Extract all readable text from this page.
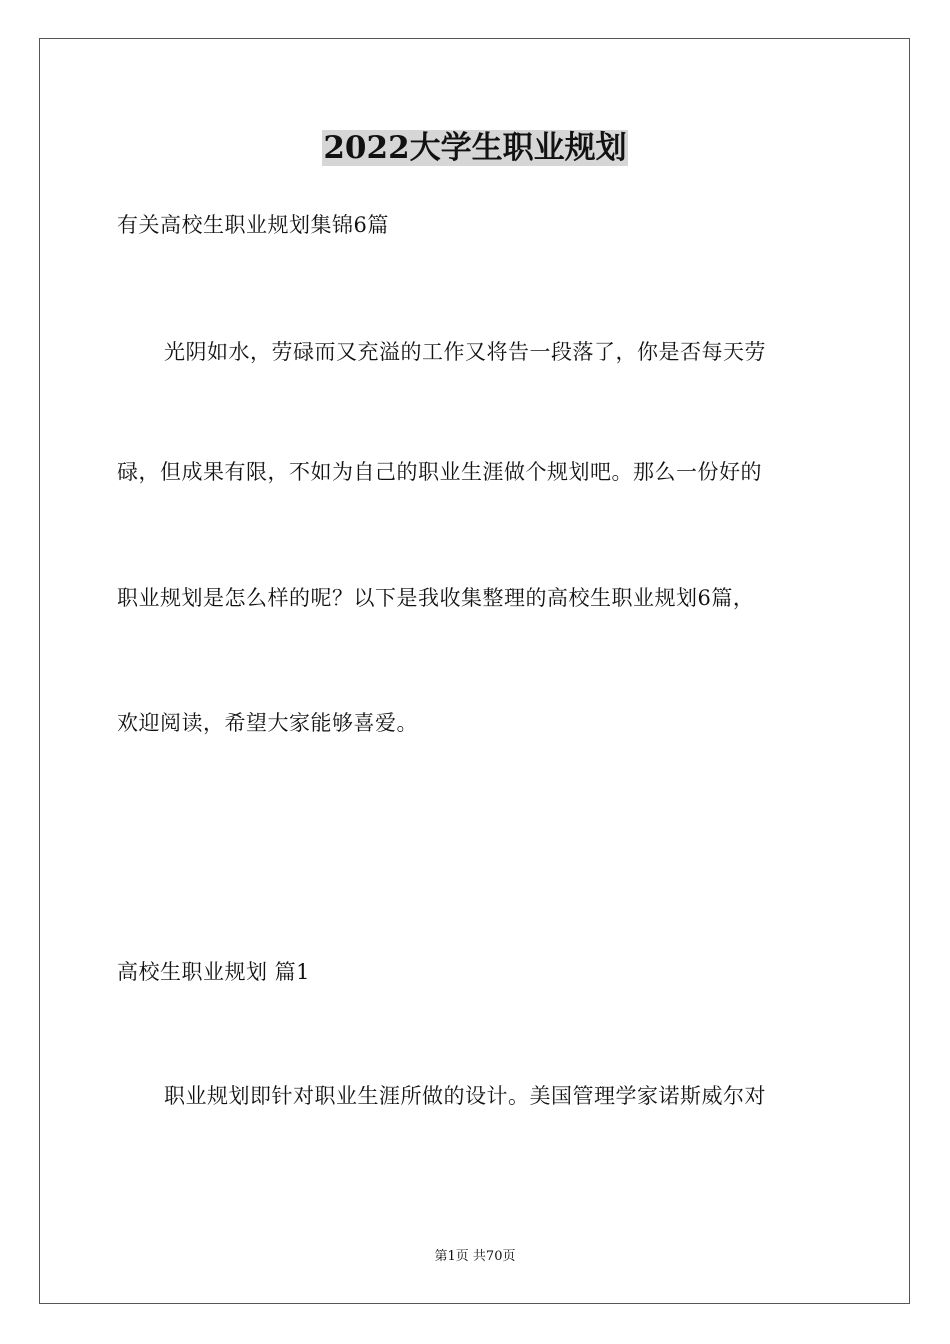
2022大学生职业规划
有关高校生职业规划集锦6篇
光阴如水，劳碌而又充溢的工作又将告一段落了，你是否每天劳
碌，但成果有限，不如为自己的职业生涯做个规划吧。那么一份好的
职业规划是怎么样的呢？以下是我收集整理的高校生职业规划6篇，
欢迎阅读，希望大家能够喜爱。
高校生职业规划 篇1
职业规划即针对职业生涯所做的设计。美国管理学家诺斯威尔对
第1页 共70页
